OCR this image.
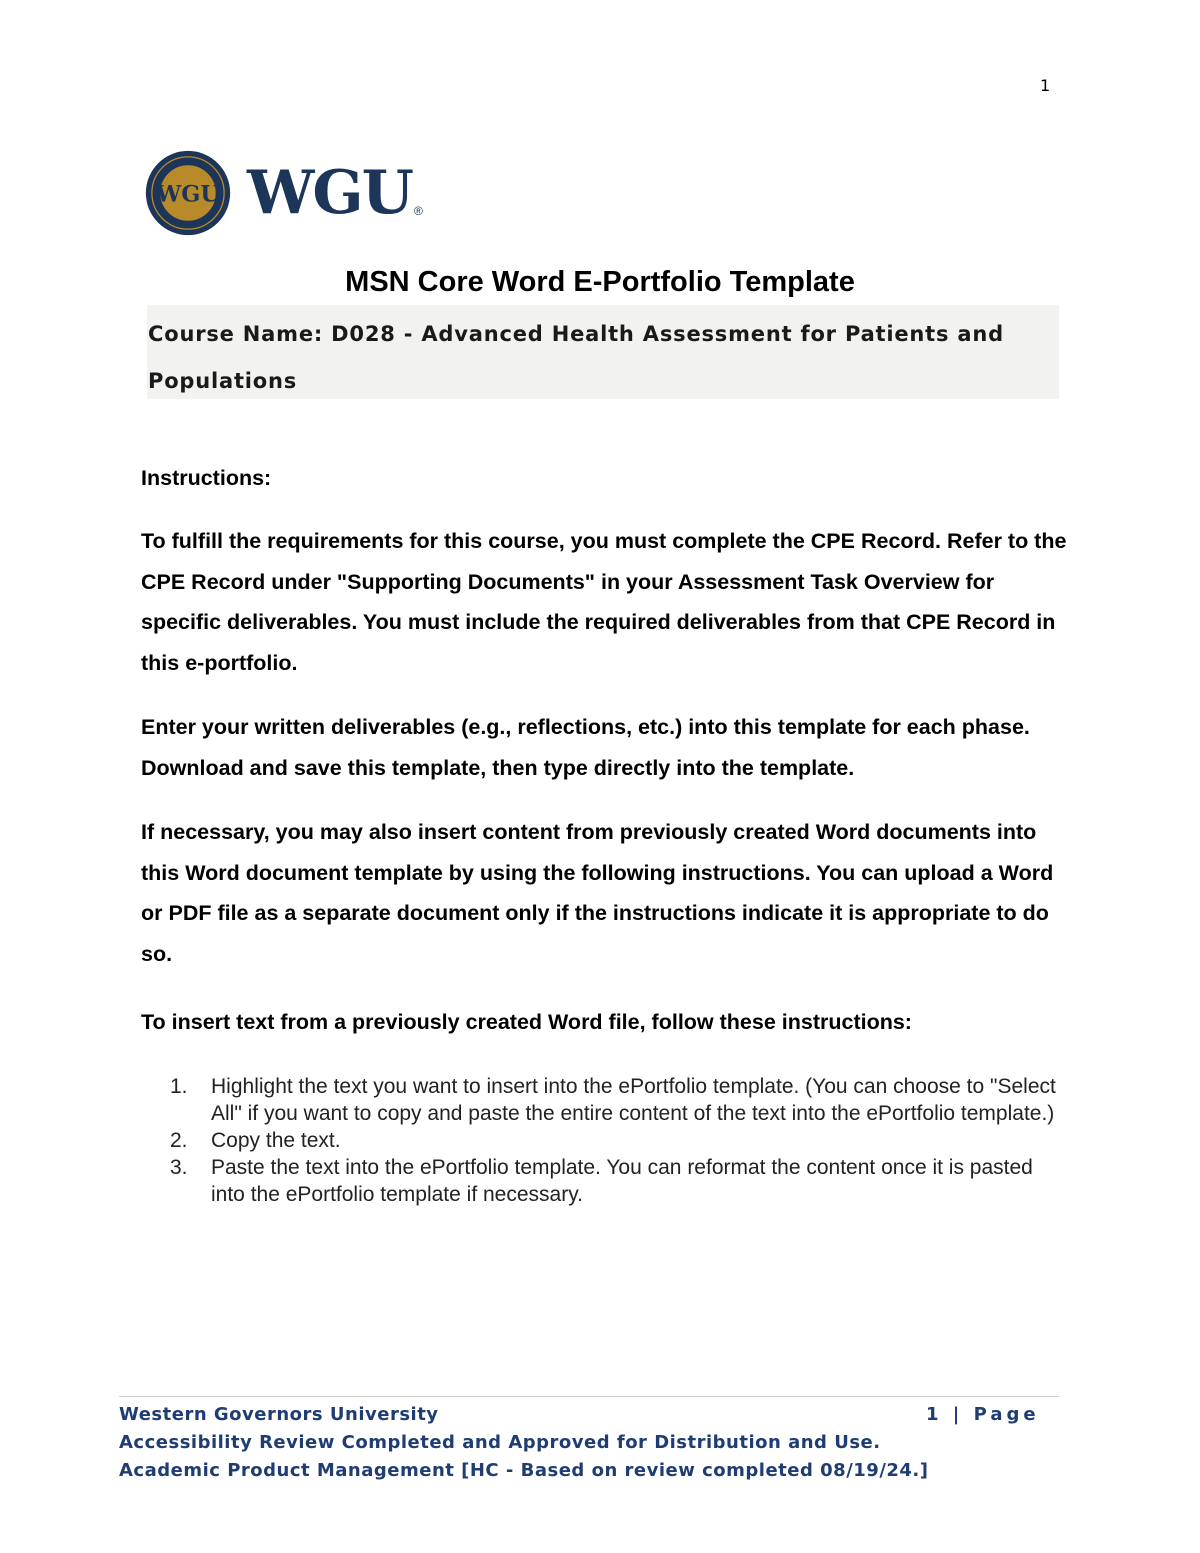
1
WGU WGU ®
MSN Core Word E-Portfolio Template

Course Name: D028 - Advanced Health Assessment for Patients and Populations

Instructions:
To fulfill the requirements for this course, you must complete the CPE Record. Refer to the CPE Record under "Supporting Documents" in your Assessment Task Overview for specific deliverables. You must include the required deliverables from that CPE Record in this e-portfolio.
Enter your written deliverables (e.g., reflections, etc.) into this template for each phase. Download and save this template, then type directly into the template.
If necessary, you may also insert content from previously created Word documents into this Word document template by using the following instructions. You can upload a Word or PDF file as a separate document only if the instructions indicate it is appropriate to do so.
To insert text from a previously created Word file, follow these instructions:
1.	Highlight the text you want to insert into the ePortfolio template. (You can choose to "Select All" if you want to copy and paste the entire content of the text into the ePortfolio template.)
2.	Copy the text.
3.	Paste the text into the ePortfolio template. You can reformat the content once it is pasted into the ePortfolio template if necessary.
Western Governors University	1 | Page
Accessibility Review Completed and Approved for Distribution and Use.
Academic Product Management [HC - Based on review completed 08/19/24.]
